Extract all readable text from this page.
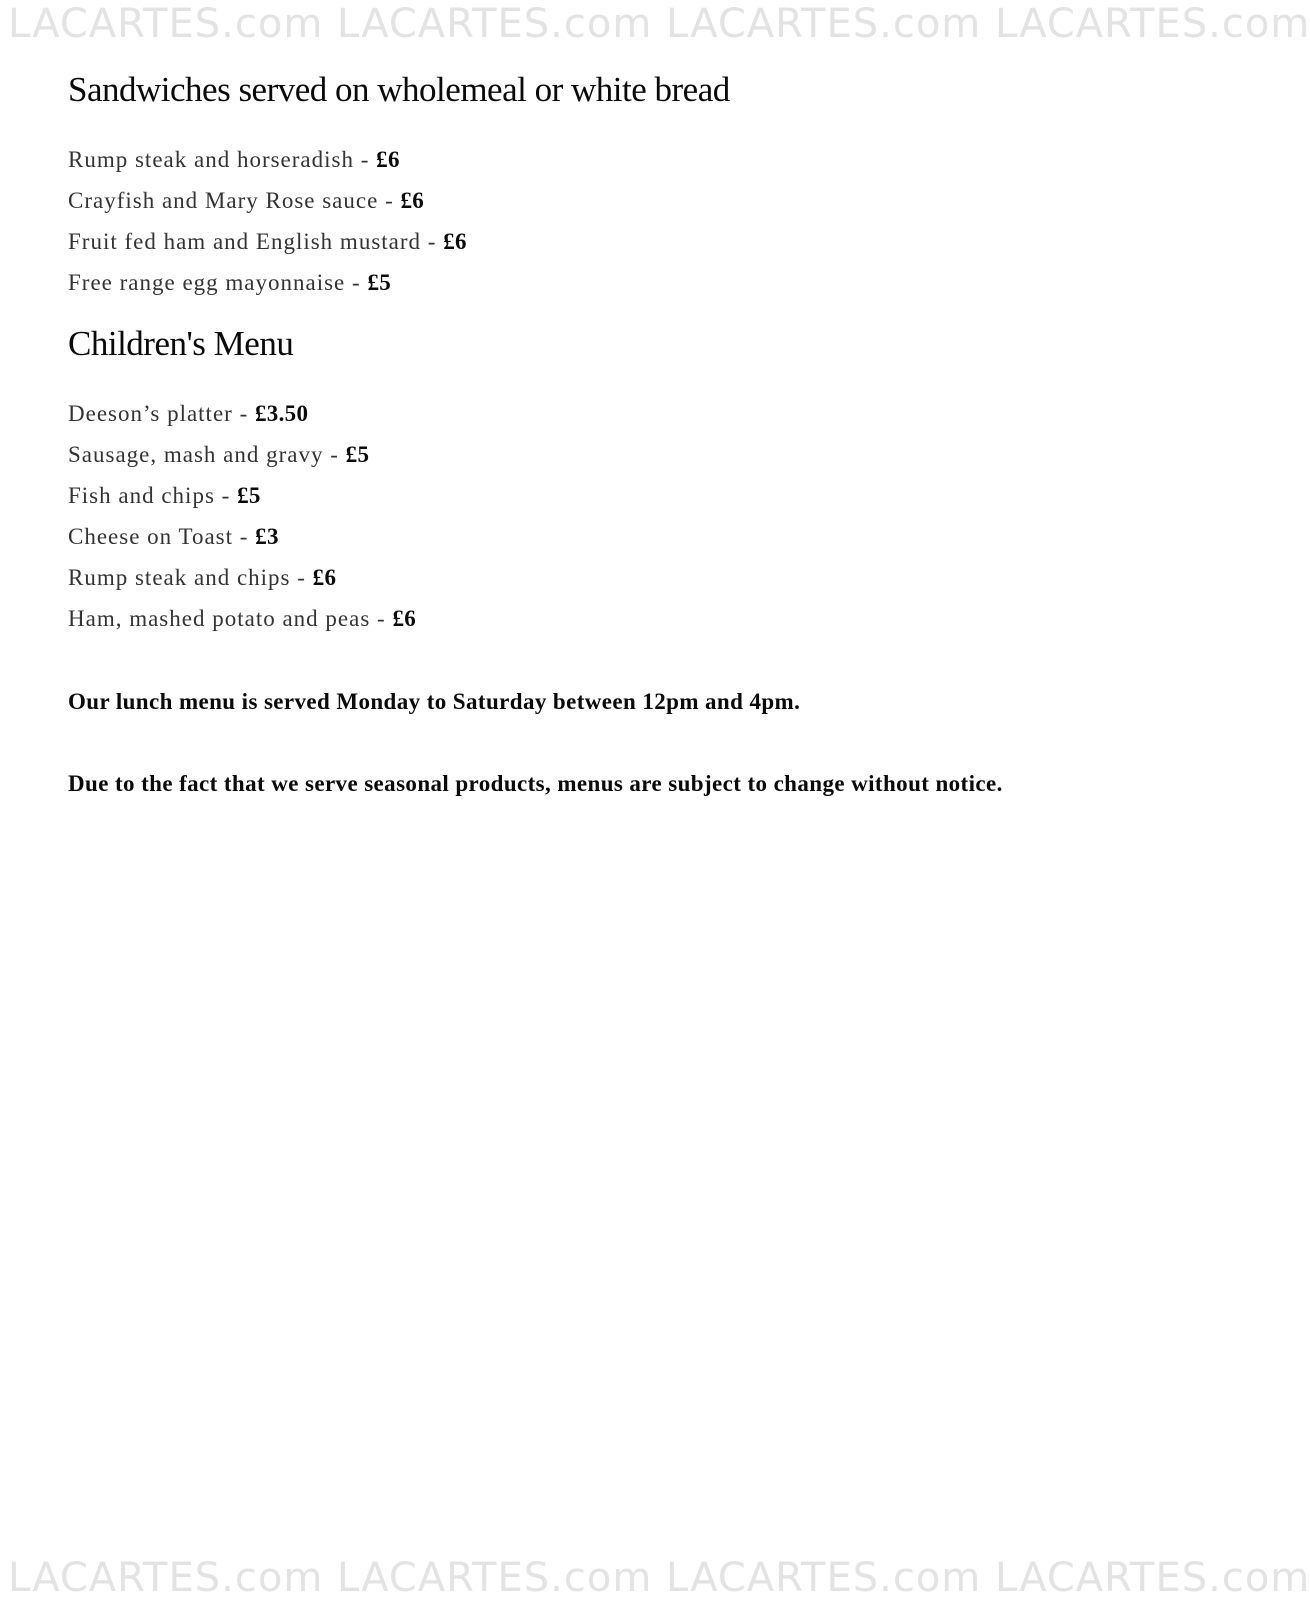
LACARTES.com LACARTES.com LACARTES.com LACARTES.com
Sandwiches served on wholemeal or white bread
Rump steak and horseradish - £6
Crayfish and Mary Rose sauce - £6
Fruit fed ham and English mustard - £6
Free range egg mayonnaise - £5
Children's Menu
Deeson’s platter - £3.50
Sausage, mash and gravy - £5
Fish and chips - £5
Cheese on Toast - £3
Rump steak and chips - £6
Ham, mashed potato and peas - £6

Our lunch menu is served Monday to Saturday between 12pm and 4pm.

Due to the fact that we serve seasonal products, menus are subject to change without notice.

LACARTES.com LACARTES.com LACARTES.com LACARTES.com
